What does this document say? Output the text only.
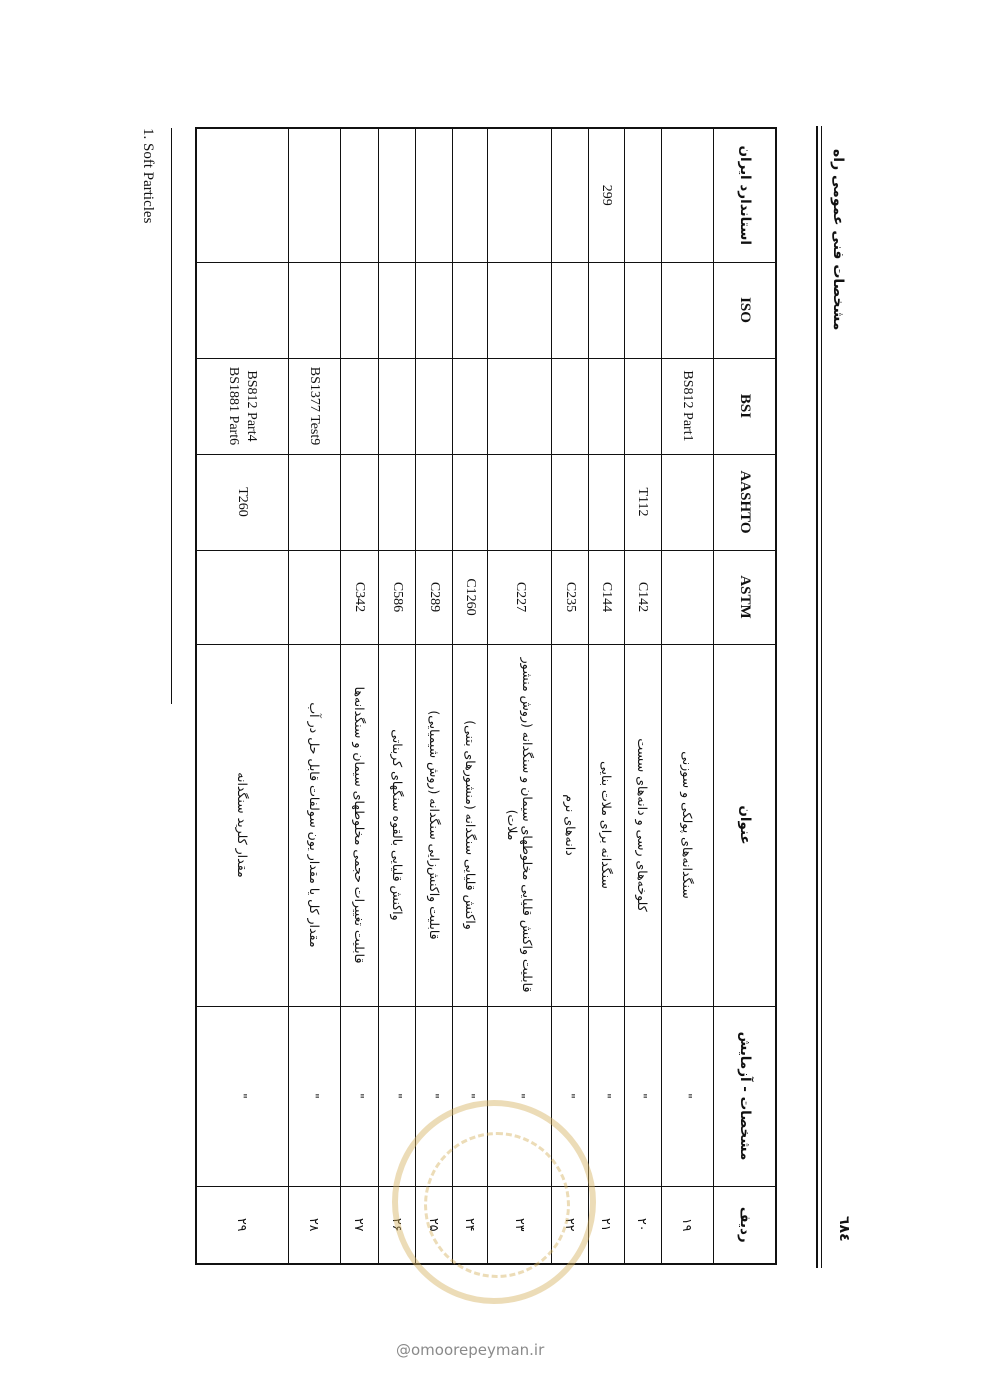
مشخصات فنی عمومی راه
٦٨٤
ردیف	مشخصات - آزمایش	عنوان	ASTM	AASHTO	BSI	ISO	استاندارد ایران
۱۹	"	سنگدانه‌های پولکی و سوزنی			BS812 Part1		
۲۰	"	کلوخه‌های رسی و دانه‌های سست	C142	T112			
۲۱	"	سنگدانه برای ملات بنایی	C144				299
۲۲	"	دانه‌های نرم	C235				
۲۳	"	قابلیت واکنش قلیایی مخلوطهای سیمان و سنگدانه (روش منشور ملات)	C227				
۲۴	"	واکنش قلیایی سنگدانه (منشورهای بتنی)	C1260				
۲۵	"	قابلیت واکنش‌زایی سنگدانه (روش شیمیایی)	C289				
۲۶	"	واکنش قلیایی بالقوه سنگهای کربناتی	C586				
۲۷	"	قابلیت تغییرات حجمی مخلوطهای سیمان و سنگدانه‌ها	C342				
۲۸	"	مقدار کل یا مقدار یون سولفات قابل حل در آب			BS1377 Test9		
۲۹	"	مقدار کلرید سنگدانه		T260	BS812 Part4 BS1881 Part6		
1. Soft Particles
@omoorepeyman.ir
